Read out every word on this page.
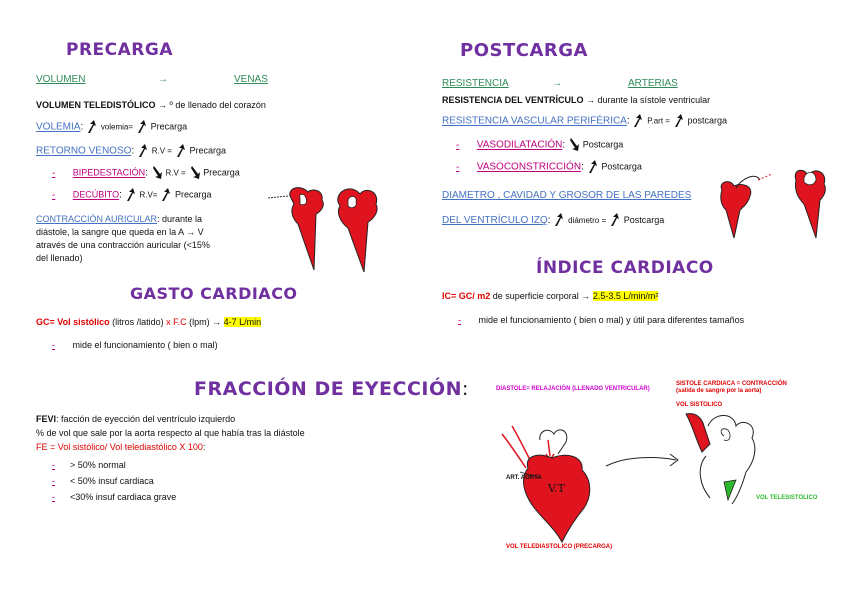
PRECARGA
VOLUMEN	→	VENAS
VOLUMEN TELEDISTÓLICO → º de llenado del corazón
VOLEMIA:  volemia= Precarga
RETORNO VENOSO:  R.V = Precarga
- BIPEDESTACIÓN:  R.V = Precarga
- DECÚBITO:  R.V= Precarga
CONTRACCIÓN AURICULAR: durante la
diástole, la sangre que queda en la A → V
através de una contracción auricular (<15%
del llenado)
POSTCARGA
RESISTENCIA	→	ARTERIAS
RESISTENCIA DEL VENTRÍCULO → durante la sístole ventricular
RESISTENCIA VASCULAR PERIFÉRICA:  P.art = postcarga
- VASODILATACIÓN:  Postcarga
- VASOCONSTRICCIÓN:  Postcarga
DIAMETRO , CAVIDAD Y GROSOR DE LAS PAREDES
DEL VENTRÍCULO IZQ:  diámetro = Postcarga
GASTO CARDIACO
GC= Vol sistólico (litros /latido) x F.C (lpm) → 4-7 L/min
- mide el funcionamiento ( bien o mal)
ÍNDICE CARDIACO
IC= GC/ m2 de superficie corporal → 2.5-3.5 L/min/m²
- mide el funcionamiento ( bien o mal) y útil para diferentes tamaños
FRACCIÓN DE EYECCIÓN:
FEVI: facción de eyección del ventrículo izquierdo
% de vol que sale por la aorta respecto al que había tras la diástole
FE = Vol sistólico/ Vol telediastólico X 100:
- > 50% normal
- < 50% insuf cardiaca
- <30% insuf cardiaca grave
DIASTOLE= RELAJACIÓN (LLENADO VENTRICULAR)
SISTOLE CARDIACA = CONTRACCIÓN
(salida de sangre por la aorta)
VOL SISTOLICO
ART. AORTA
V.T
VOL TELESISTOLICO
VOL TELEDIASTOLICO (PRECARGA)
